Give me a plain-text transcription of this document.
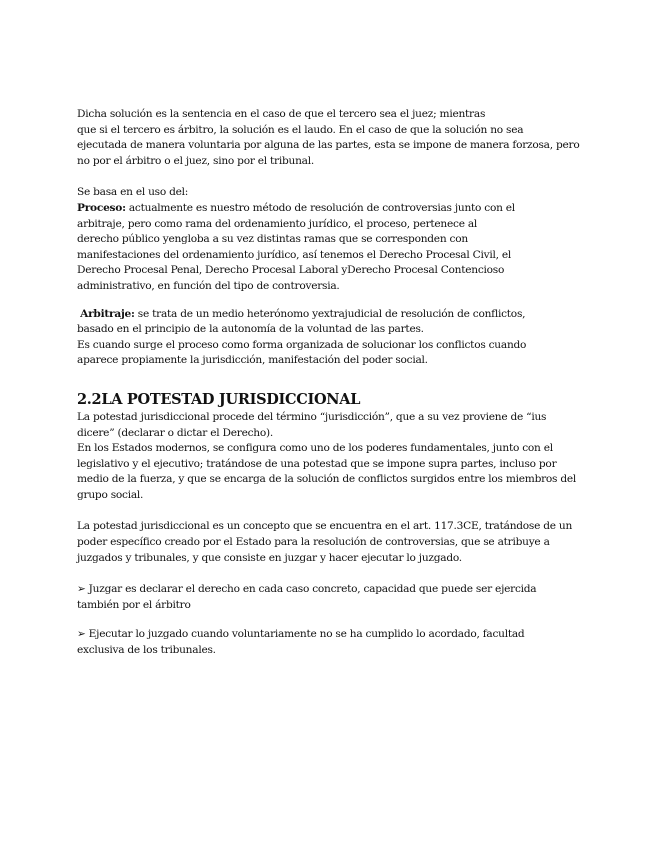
Dicha solución es la sentencia en el caso de que el tercero sea el juez; mientras
que si el tercero es árbitro, la solución es el laudo. En el caso de que la solución no sea
ejecutada de manera voluntaria por alguna de las partes, esta se impone de manera forzosa, pero
no por el árbitro o el juez, sino por el tribunal.
Se basa en el uso del:
Proceso: actualmente es nuestro método de resolución de controversias junto con el
arbitraje, pero como rama del ordenamiento jurídico, el proceso, pertenece al
derecho público yengloba a su vez distintas ramas que se corresponden con
manifestaciones del ordenamiento jurídico, así tenemos el Derecho Procesal Civil, el
Derecho Procesal Penal, Derecho Procesal Laboral yDerecho Procesal Contencioso
administrativo, en función del tipo de controversia.
Arbitraje: se trata de un medio heterónomo yextrajudicial de resolución de conflictos,
basado en el principio de la autonomía de la voluntad de las partes.
Es cuando surge el proceso como forma organizada de solucionar los conflictos cuando
aparece propiamente la jurisdicción, manifestación del poder social.
2.2LA POTESTAD JURISDICCIONAL
La potestad jurisdiccional procede del término “jurisdicción”, que a su vez proviene de “ius
dicere” (declarar o dictar el Derecho).
En los Estados modernos, se configura como uno de los poderes fundamentales, junto con el
legislativo y el ejecutivo; tratándose de una potestad que se impone supra partes, incluso por
medio de la fuerza, y que se encarga de la solución de conflictos surgidos entre los miembros del
grupo social.
La potestad jurisdiccional es un concepto que se encuentra en el art. 117.3CE, tratándose de un
poder específico creado por el Estado para la resolución de controversias, que se atribuye a
juzgados y tribunales, y que consiste en juzgar y hacer ejecutar lo juzgado.
➢ Juzgar es declarar el derecho en cada caso concreto, capacidad que puede ser ejercida
también por el árbitro
➢ Ejecutar lo juzgado cuando voluntariamente no se ha cumplido lo acordado, facultad
exclusiva de los tribunales.
